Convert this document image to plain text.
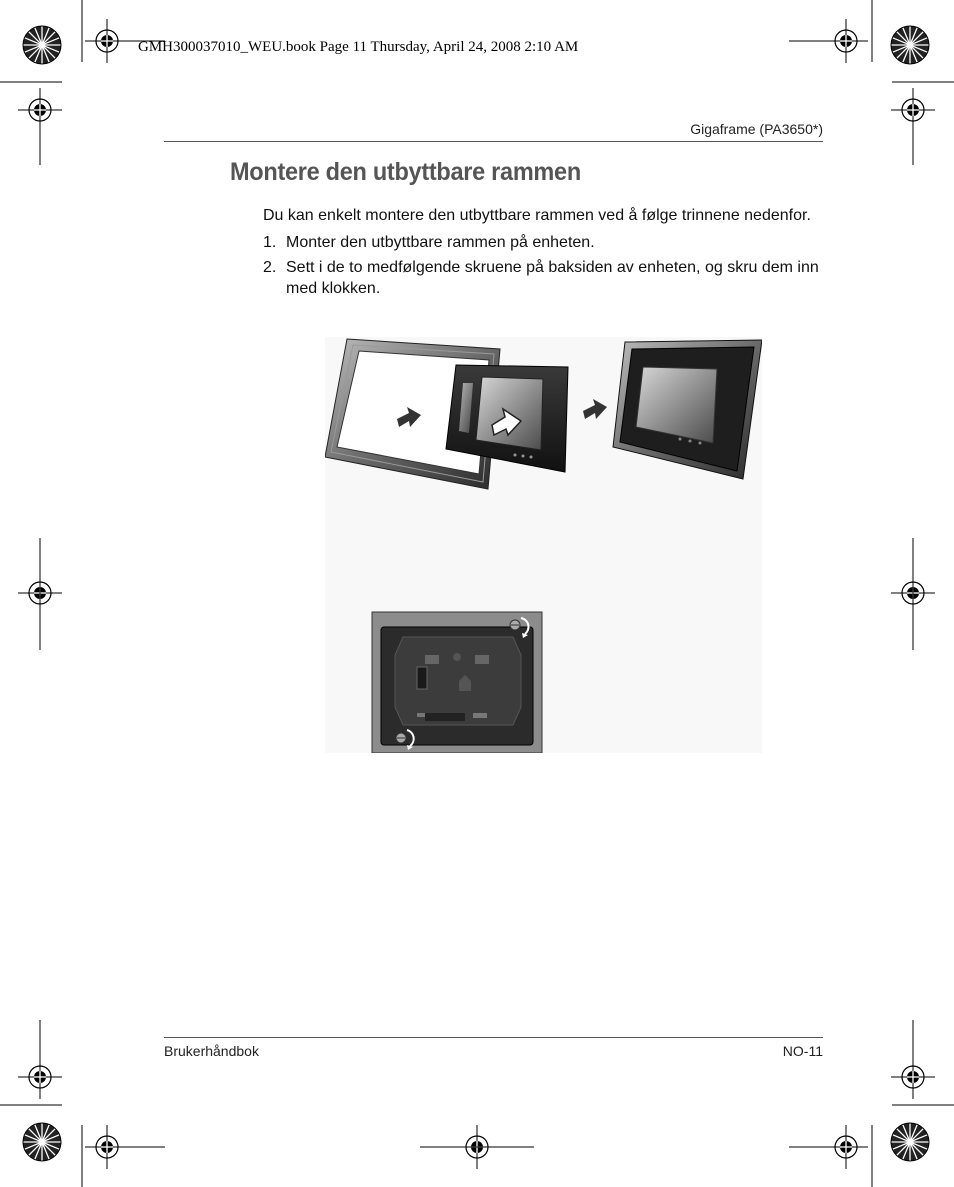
GMH300037010_WEU.book Page 11 Thursday, April 24, 2008 2:10 AM
Gigaframe (PA3650*)
Montere den utbyttbare rammen

Du kan enkelt montere den utbyttbare rammen ved å følge trinnene nedenfor.

1. Monter den utbyttbare rammen på enheten.
2. Sett i de to medfølgende skruene på baksiden av enheten, og skru dem inn med klokken.
Brukerhåndbok	NO-11
